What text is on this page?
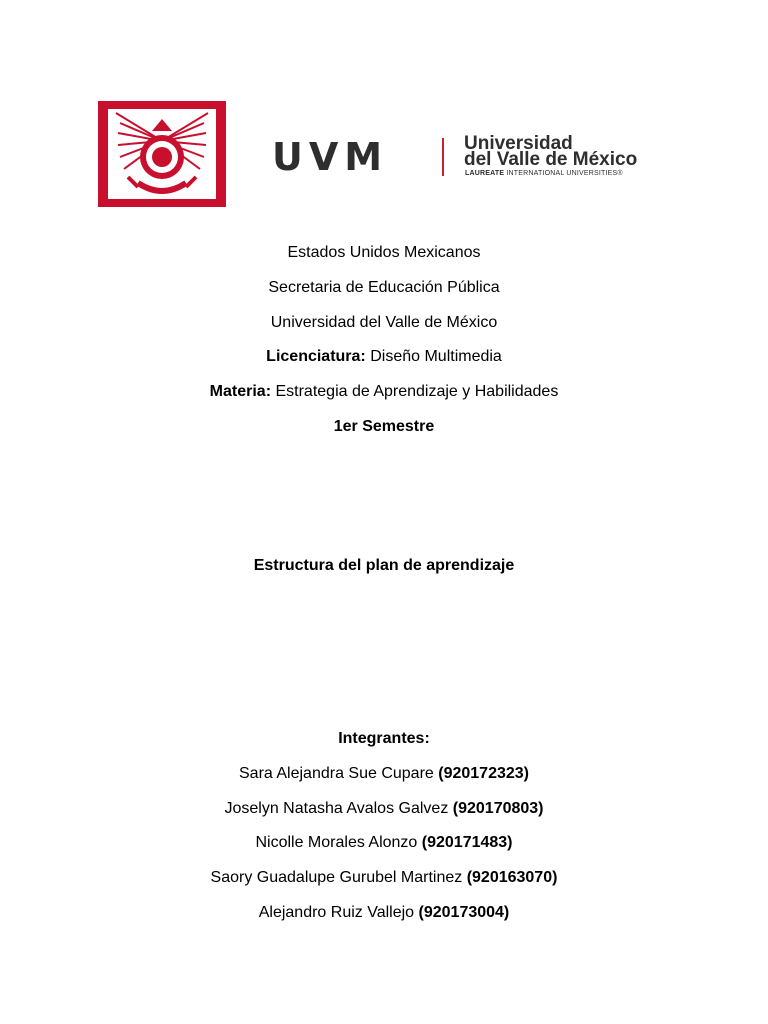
UVM	Universidad
del Valle de México
LAUREATE INTERNATIONAL UNIVERSITIES®
Estados Unidos Mexicanos
Secretaria de Educación Pública
Universidad del Valle de México
Licenciatura: Diseño Multimedia
Materia: Estrategia de Aprendizaje y Habilidades
1er Semestre
Estructura del plan de aprendizaje
Integrantes:
Sara Alejandra Sue Cupare (920172323)
Joselyn Natasha Avalos Galvez (920170803)
Nicolle Morales Alonzo (920171483)
Saory Guadalupe Gurubel Martinez (920163070)
Alejandro Ruiz Vallejo (920173004)
